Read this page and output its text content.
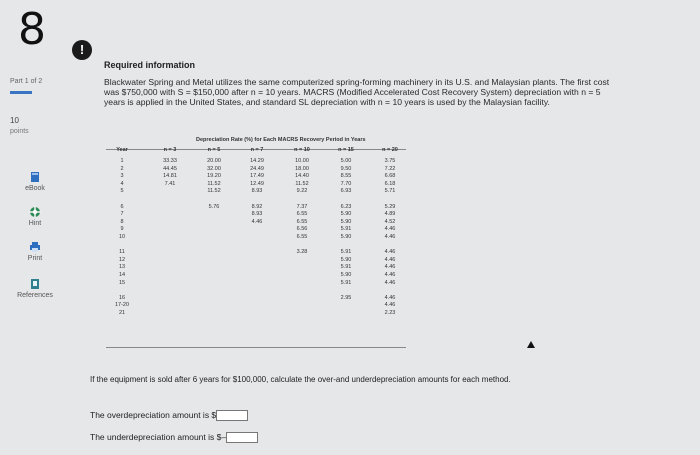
8	!
Part 1 of 2
10
points
eBook
Hint
Print
References
Required information
Blackwater Spring and Metal utilizes the same computerized spring-forming machinery in its U.S. and Malaysian plants. The first cost was $750,000 with S = $150,000 after n = 10 years. MACRS (Modified Accelerated Cost Recovery System) depreciation with n = 5 years is applied in the United States, and standard SL depreciation with n = 10 years is used by the Malaysian facility.
Depreciation Rate (%) for Each MACRS Recovery Period in Years
Year
1
2
3
4
5
6
7
8
9
10
11
12
13
14
15
16
17-20
21
n = 3
33.33
44.45
14.81
7.41
n = 5
20.00
32.00
19.20
11.52
11.52
5.76
n = 7
14.29
24.49
17.49
12.49
8.93
8.92
8.93
4.46
n = 10
10.00
18.00
14.40
11.52
9.22
7.37
6.55
6.55
6.56
6.55
3.28
n = 15
5.00
9.50
8.55
7.70
6.93
6.23
5.90
5.90
5.91
5.90
5.91
5.90
5.91
5.90
5.91
2.95
n = 20
3.75
7.22
6.68
6.18
5.71
5.29
4.89
4.52
4.46
4.46
4.46
4.46
4.46
4.46
4.46
4.46
4.46
2.23
If the equipment is sold after 6 years for $100,000, calculate the over-and underdepreciation amounts for each method.
The overdepreciation amount is $
The underdepreciation amount is $–
